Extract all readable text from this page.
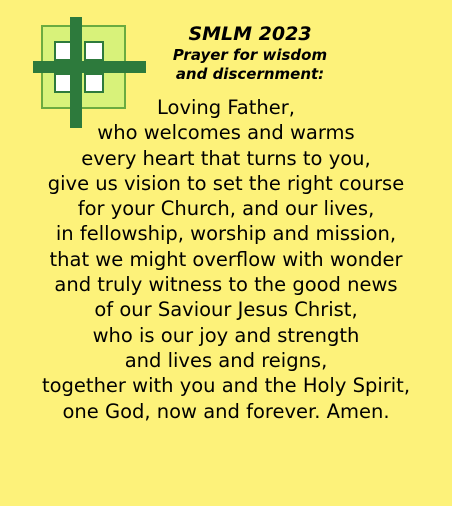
SMLM 2023
Prayer for wisdom
and discernment:
Loving Father,
who welcomes and warms
every heart that turns to you,
give us vision to set the right course
for your Church, and our lives,
in fellowship, worship and mission,
that we might overflow with wonder
and truly witness to the good news
of our Saviour Jesus Christ,
who is our joy and strength
and lives and reigns,
together with you and the Holy Spirit,
one God, now and forever. Amen.
